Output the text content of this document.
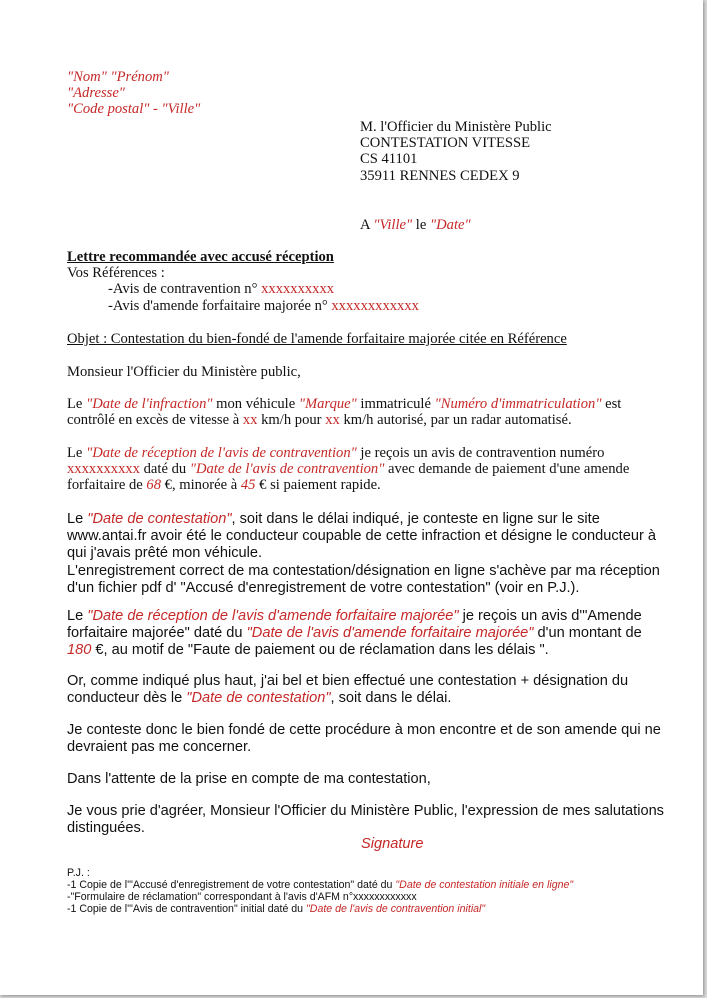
"Nom" "Prénom"
"Adresse"
"Code postal" - "Ville"
M. l'Officier du Ministère Public
CONTESTATION VITESSE
CS 41101
35911 RENNES CEDEX 9
A "Ville" le "Date"
Lettre recommandée avec accusé réception
Vos Références :
-Avis de contravention n° xxxxxxxxxx
-Avis d'amende forfaitaire majorée n° xxxxxxxxxxxx
Objet : Contestation du bien-fondé de l'amende forfaitaire majorée citée en Référence
Monsieur l'Officier du Ministère public,
Le "Date de l'infraction" mon véhicule "Marque" immatriculé "Numéro d'immatriculation" est
contrôlé en excès de vitesse à xx km/h pour xx km/h autorisé, par un radar automatisé.
Le "Date de réception de l'avis de contravention" je reçois un avis de contravention numéro
xxxxxxxxxx daté du "Date de l'avis de contravention" avec demande de paiement d'une amende
forfaitaire de 68 €, minorée à 45 € si paiement rapide.
Le "Date de contestation", soit dans le délai indiqué, je conteste en ligne sur le site
www.antai.fr avoir été le conducteur coupable de cette infraction et désigne le conducteur à
qui j'avais prêté mon véhicule.
L'enregistrement correct de ma contestation/désignation en ligne s'achève par ma réception
d'un fichier pdf d' "Accusé d'enregistrement de votre contestation" (voir en P.J.).
Le "Date de réception de l'avis d'amende forfaitaire majorée" je reçois un avis d'"Amende
forfaitaire majorée" daté du "Date de l'avis d'amende forfaitaire majorée" d'un montant de
180 €, au motif de "Faute de paiement ou de réclamation dans les délais ".
Or, comme indiqué plus haut, j'ai bel et bien effectué une contestation + désignation du
conducteur dès le "Date de contestation", soit dans le délai.
Je conteste donc le bien fondé de cette procédure à mon encontre et de son amende qui ne
devraient pas me concerner.
Dans l'attente de la prise en compte de ma contestation,
Je vous prie d'agréer, Monsieur l'Officier du Ministère Public, l'expression de mes salutations
distinguées.
Signature
P.J. :
-1 Copie de l'"Accusé d'enregistrement de votre contestation" daté du "Date de contestation initiale en ligne"
-"Formulaire de réclamation" correspondant à l'avis d'AFM n°xxxxxxxxxxxx
-1 Copie de l'"Avis de contravention" initial daté du "Date de l'avis de contravention initial"
